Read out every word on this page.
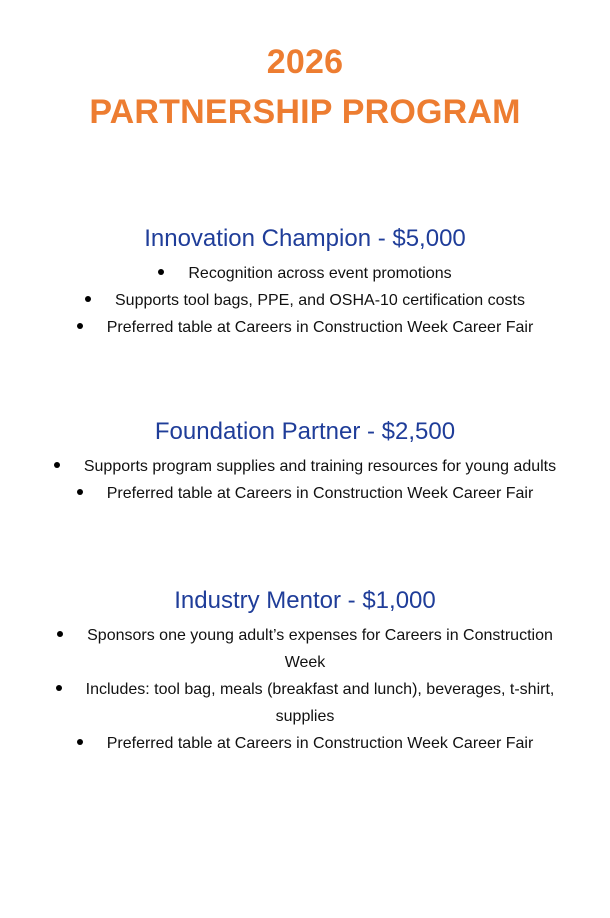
2026
PARTNERSHIP PROGRAM
Innovation Champion - $5,000
Recognition across event promotions
Supports tool bags, PPE, and OSHA-10 certification costs
Preferred table at Careers in Construction Week Career Fair
Foundation Partner - $2,500
Supports program supplies and training resources for young adults
Preferred table at Careers in Construction Week Career Fair
Industry Mentor - $1,000
Sponsors one young adult’s expenses for Careers in Construction Week
Includes: tool bag, meals (breakfast and lunch), beverages, t-shirt, supplies
Preferred table at Careers in Construction Week Career Fair
